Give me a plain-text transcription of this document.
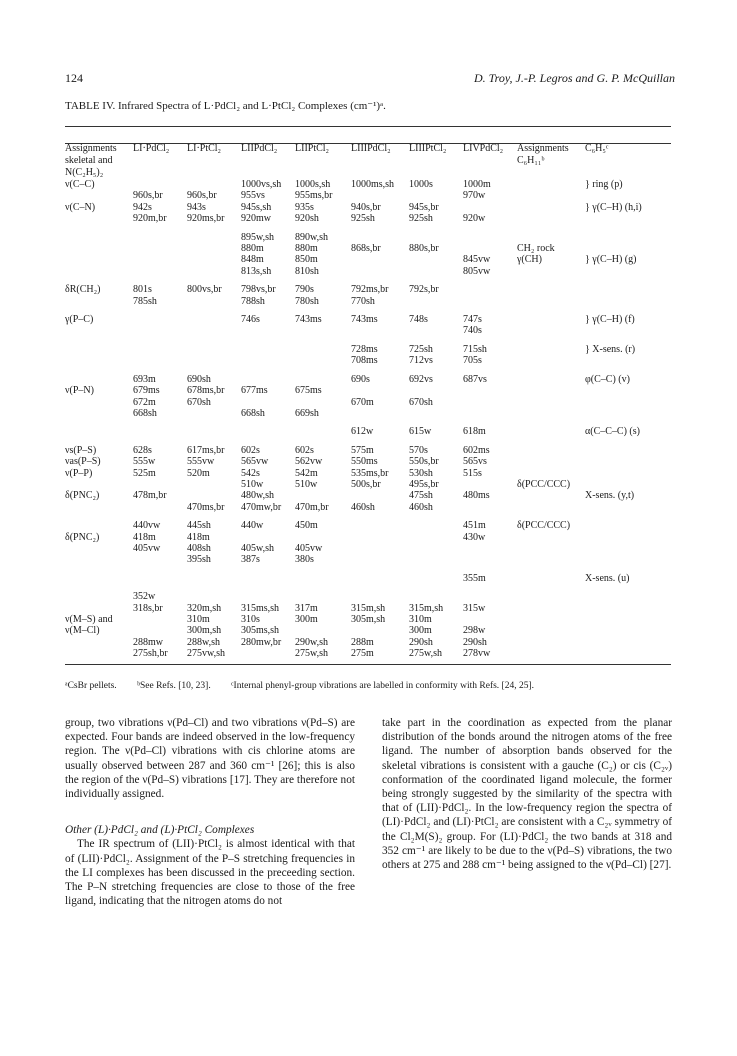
124	D. Troy, J.-P. Legros and G. P. McQuillan
TABLE IV. Infrared Spectra of L·PdCl₂ and L·PtCl₂ Complexes (cm⁻¹)ᵃ.
Assignments skeletal and N(C₂H₅)₂	LI·PdCl₂	LI·PtCl₂	LIIPdCl₂	LIIPtCl₂	LIIIPdCl₂	LIIIPtCl₂	LIVPdCl₂	Assignments C₆H₁₁ᵇ	C₆H₅ᶜ
ν(C–C)			1000vs,sh	1000s,sh	1000ms,sh	1000s	1000m		} ring (p)
	960s,br	960s,br	955vs	955ms,br			970w		
ν(C–N)	942s	943s	945s,sh	935s	940s,br	945s,br			} γ(C–H) (h,i)
	920m,br	920ms,br	920mw	920sh	925sh	925sh	920w		
			895w,sh	890w,sh					
			880m	880m	868s,br	880s,br		CH₂ rock	
			848m	850m			845vw	γ(CH)	} γ(C–H) (g)
			813s,sh	810sh			805vw		
δR(CH₂)	801s	800vs,br	798vs,br	790s	792ms,br	792s,br			
	785sh		788sh	780sh	770sh				
γ(P–C)			746s	743ms	743ms	748s	747s		} γ(C–H) (f)
							740s		
					728ms	725sh	715sh		} X-sens. (r)
					708ms	712vs	705s		
	693m	690sh			690s	692vs	687vs		φ(C–C) (v)
ν(P–N)	679ms	678ms,br	677ms	675ms					
	672m	670sh			670m	670sh			
	668sh		668sh	669sh					
					612w	615w	618m		α(C–C–C) (s)
νs(P–S)	628s	617ms,br	602s	602s	575m	570s	602ms		
νas(P–S)	555w	555vw	565vw	562vw	550ms	550s,br	565vs		
ν(P–P)	525m	520m	542s	542m	535ms,br	530sh	515s		
			510w	510w	500s,br	495s,br		δ(PCC/CCC)	
δ(PNC₂)	478m,br		480w,sh			475sh	480ms		X-sens. (y,t)
		470ms,br	470mw,br	470m,br	460sh	460sh			
	440vw	445sh	440w	450m			451m	δ(PCC/CCC)	
δ(PNC₂)	418m	418m					430w		
	405vw	408sh	405w,sh	405vw					
		395sh	387s	380s					
							355m		X-sens. (u)
	352w								
	318s,br	320m,sh	315ms,sh	317m	315m,sh	315m,sh	315w		
ν(M–S) and		310m	310s	300m	305m,sh	310m			
ν(M–Cl)		300m,sh	305ms,sh			300m	298w		
	288mw	288w,sh	280mw,br	290w,sh	288m	290sh	290sh		
	275sh,br	275vw,sh		275w,sh	275m	275w,sh	278vw		
ᵃCsBr pellets. ᵇSee Refs. [10, 23]. ᶜInternal phenyl-group vibrations are labelled in conformity with Refs. [24, 25].

group, two vibrations ν(Pd–Cl) and two vibrations ν(Pd–S) are expected. Four bands are indeed observed in the low-frequency region. The ν(Pd–Cl) vibrations with cis chlorine atoms are usually observed between 287 and 360 cm⁻¹ [26]; this is also the region of the ν(Pd–S) vibrations [17]. They are therefore not individually assigned.

Other (L)·PdCl₂ and (L)·PtCl₂ Complexes

The IR spectrum of (LII)·PtCl₂ is almost identical with that of (LII)·PdCl₂. Assignment of the P–S stretching frequencies in the LI complexes has been discussed in the preceeding section. The P–N stretching frequencies are close to those of the free ligand, indicating that the nitrogen atoms do not

take part in the coordination as expected from the planar distribution of the bonds around the nitrogen atoms of the free ligand. The number of absorption bands observed for the skeletal vibrations is consistent with a gauche (C₂) or cis (C₂ᵥ) conformation of the coordinated ligand molecule, the former being strongly suggested by the similarity of the spectra with that of (LII)·PdCl₂. In the low-frequency region the spectra of (LI)·PdCl₂ and (LI)·PtCl₂ are consistent with a C₂ᵥ symmetry of the Cl₂M(S)₂ group. For (LI)·PdCl₂ the two bands at 318 and 352 cm⁻¹ are likely to be due to the ν(Pd–S) vibrations, the two others at 275 and 288 cm⁻¹ being assigned to the ν(Pd–Cl) [27].
